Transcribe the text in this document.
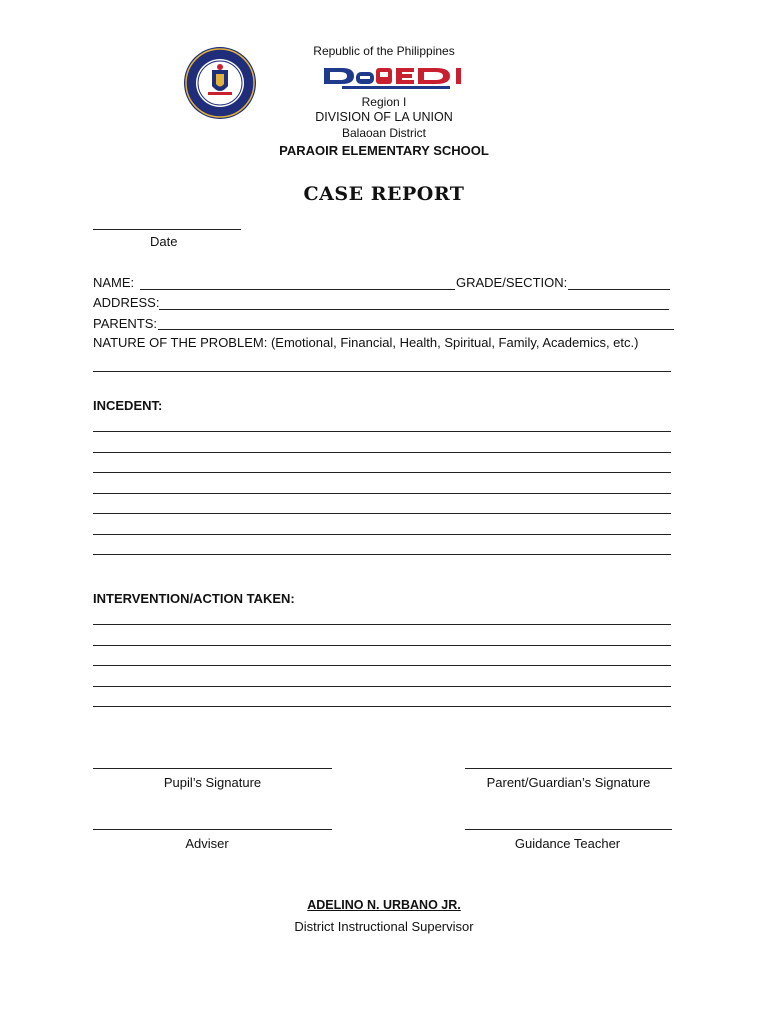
Republic of the Philippines
Region I
DIVISION OF LA UNION
Balaoan District
PARAOIR ELEMENTARY SCHOOL
CASE REPORT
Date
NAME:	GRADE/SECTION:
ADDRESS:
PARENTS:
NATURE OF THE PROBLEM: (Emotional, Financial, Health, Spiritual, Family, Academics, etc.)
INCEDENT:
INTERVENTION/ACTION TAKEN:
Pupil’s Signature	Parent/Guardian’s Signature
Adviser	Guidance Teacher
ADELINO N. URBANO JR.
District Instructional Supervisor
